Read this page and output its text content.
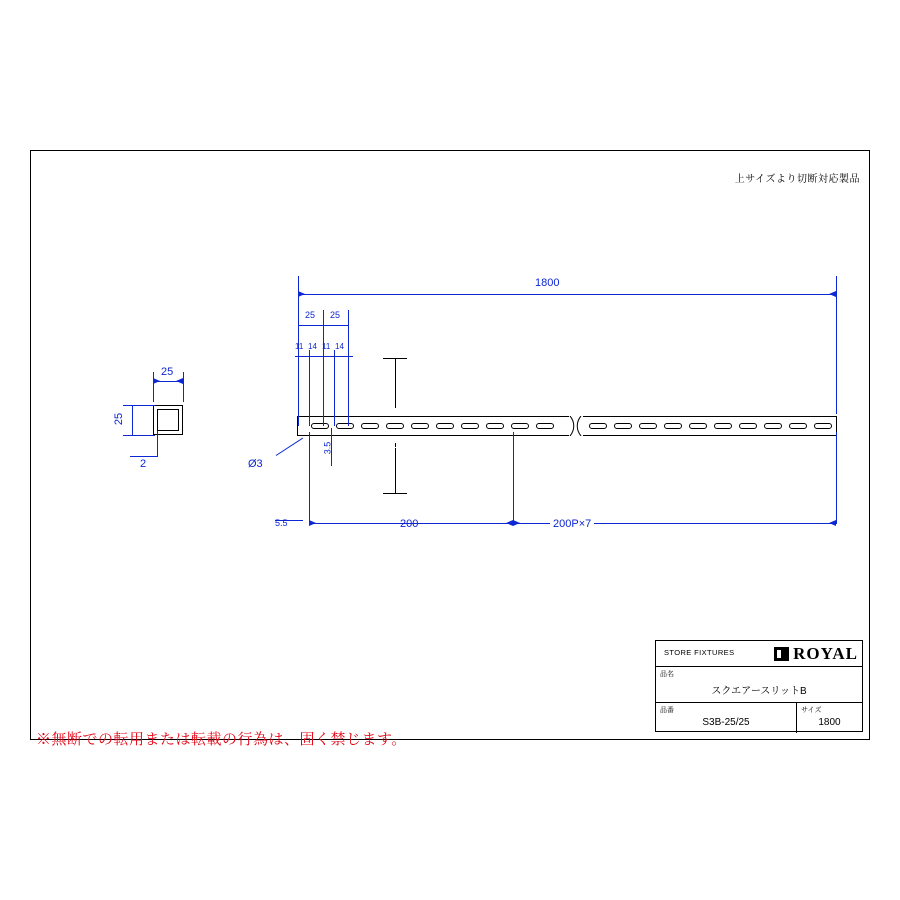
上サイズより切断対応製品
25
25
2
1800
25 25
11 14 11 14
Ø3
3.5
5.5	200	200P×7
STORE FIXTURES	ROYAL
品名
スクエアースリットB
品番
S3B-25/25
サイズ
1800
※無断での転用または転載の行為は、固く禁じます。
